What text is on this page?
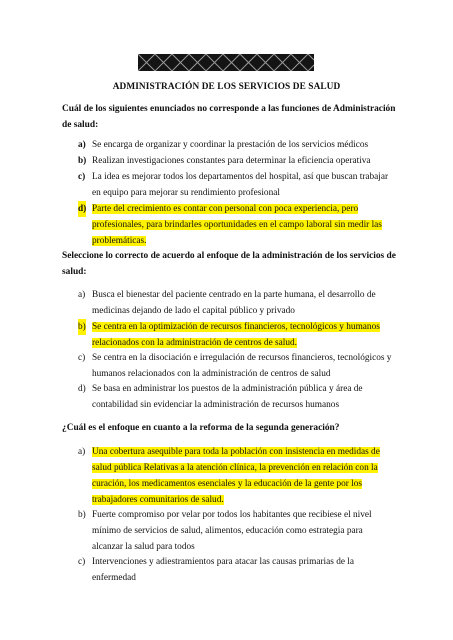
ADMINISTRACIÓN DE LOS SERVICIOS DE SALUD
Cuál de los siguientes enunciados no corresponde a las funciones de Administración
de salud:
a) Se encarga de organizar y coordinar la prestación de los servicios médicos
b) Realizan investigaciones constantes para determinar la eficiencia operativa
c) La idea es mejorar todos los departamentos del hospital, así que buscan trabajar
en equipo para mejorar su rendimiento profesional
d) Parte del crecimiento es contar con personal con poca experiencia, pero
profesionales, para brindarles oportunidades en el campo laboral sin medir las
problemáticas.
Seleccione lo correcto de acuerdo al enfoque de la administración de los servicios de
salud:
a) Busca el bienestar del paciente centrado en la parte humana, el desarrollo de
medicinas dejando de lado el capital público y privado
b) Se centra en la optimización de recursos financieros, tecnológicos y humanos
relacionados con la administración de centros de salud.
c) Se centra en la disociación e irregulación de recursos financieros, tecnológicos y
humanos relacionados con la administración de centros de salud
d) Se basa en administrar los puestos de la administración pública y área de
contabilidad sin evidenciar la administración de recursos humanos
¿Cuál es el enfoque en cuanto a la reforma de la segunda generación?
a) Una cobertura asequible para toda la población con insistencia en medidas de
salud pública Relativas a la atención clínica, la prevención en relación con la
curación, los medicamentos esenciales y la educación de la gente por los
trabajadores comunitarios de salud.
b) Fuerte compromiso por velar por todos los habitantes que recibiese el nivel
mínimo de servicios de salud, alimentos, educación como estrategia para
alcanzar la salud para todos
c) Intervenciones y adiestramientos para atacar las causas primarias de la
enfermedad
